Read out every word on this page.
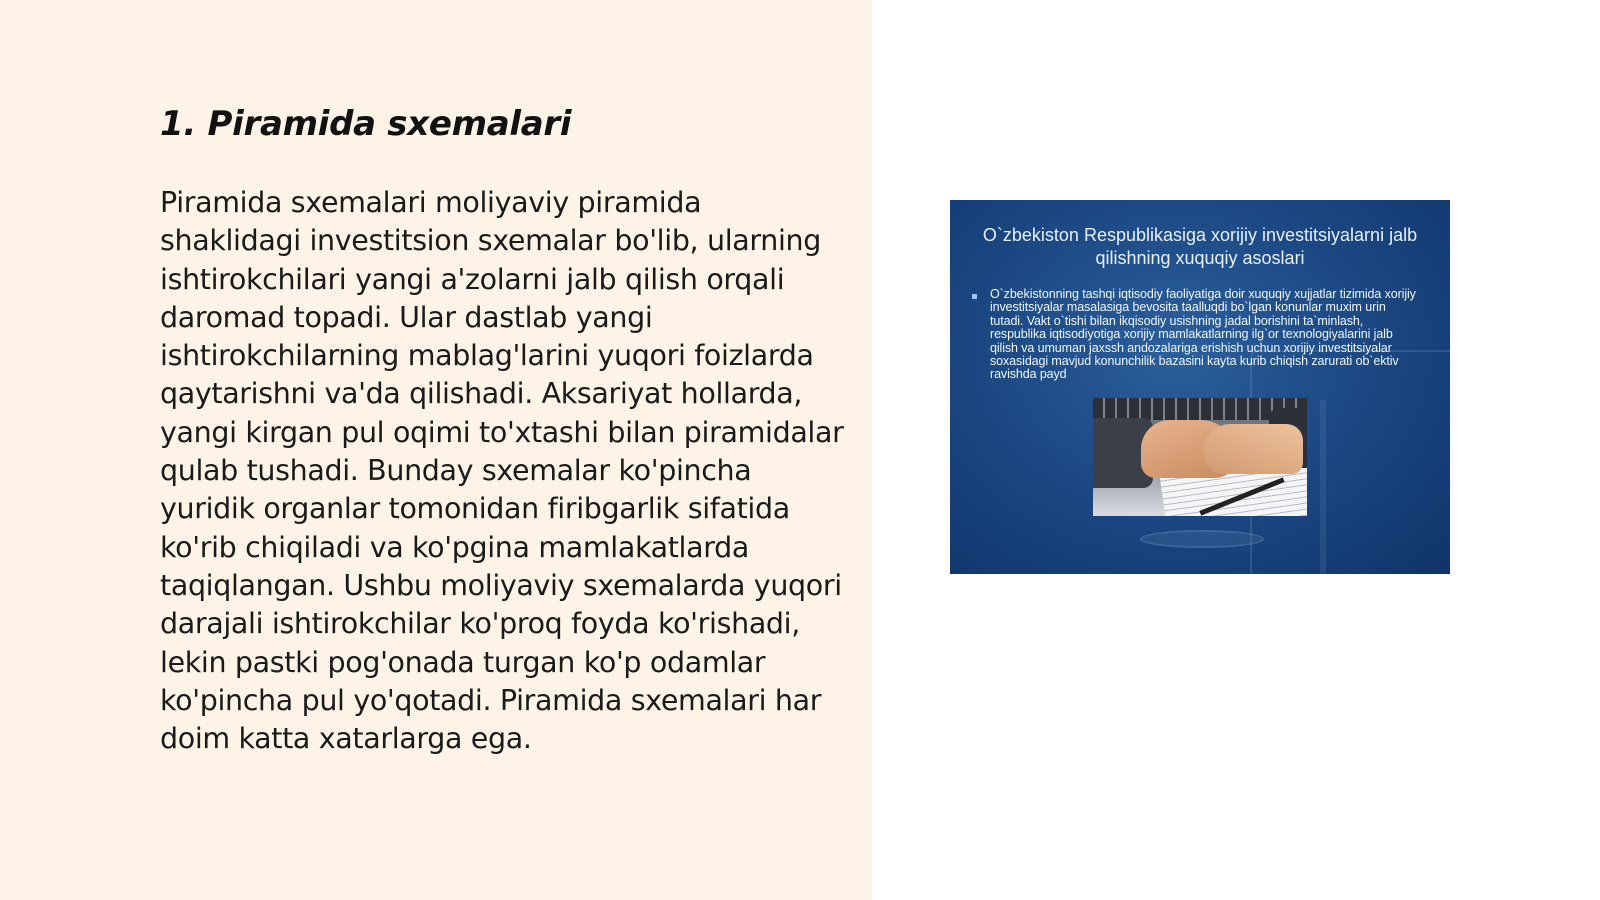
1. Piramida sxemalari

Piramida sxemalari moliyaviy piramida shaklidagi investitsion sxemalar bo'lib, ularning ishtirokchilari yangi a'zolarni jalb qilish orqali daromad topadi. Ular dastlab yangi ishtirokchilarning mablag'larini yuqori foizlarda qaytarishni va'da qilishadi. Aksariyat hollarda, yangi kirgan pul oqimi to'xtashi bilan piramidalar qulab tushadi. Bunday sxemalar ko'pincha yuridik organlar tomonidan firibgarlik sifatida ko'rib chiqiladi va ko'pgina mamlakatlarda taqiqlangan. Ushbu moliyaviy sxemalarda yuqori darajali ishtirokchilar ko'proq foyda ko'rishadi, lekin pastki pog'onada turgan ko'p odamlar ko'pincha pul yo'qotadi. Piramida sxemalari har doim katta xatarlarga ega.

O`zbekiston Respublikasiga xorijiy investitsiyalarni jalb qilishning xuquqiy asoslari
O`zbekistonning tashqi iqtisodiy faoliyatiga doir xuquqiy xujjatlar tizimida xorijiy investitsiyalar masalasiga bevosita taalluqdi bo`lgan konunlar muxim urin tutadi. Vakt o`tishi bilan ikqisodiy usishning jadal borishini ta`minlash, respublika iqtisodiyotiga xorijiy mamlakatlarning ilg`or texnologiyalarini jalb qilish va umuman jaxssh andozalariga erishish uchun xorijiy investitsiyalar soxasidagi mavjud konunchilik bazasini kayta kurib chiqish zarurati ob`ektiv ravishda payd
